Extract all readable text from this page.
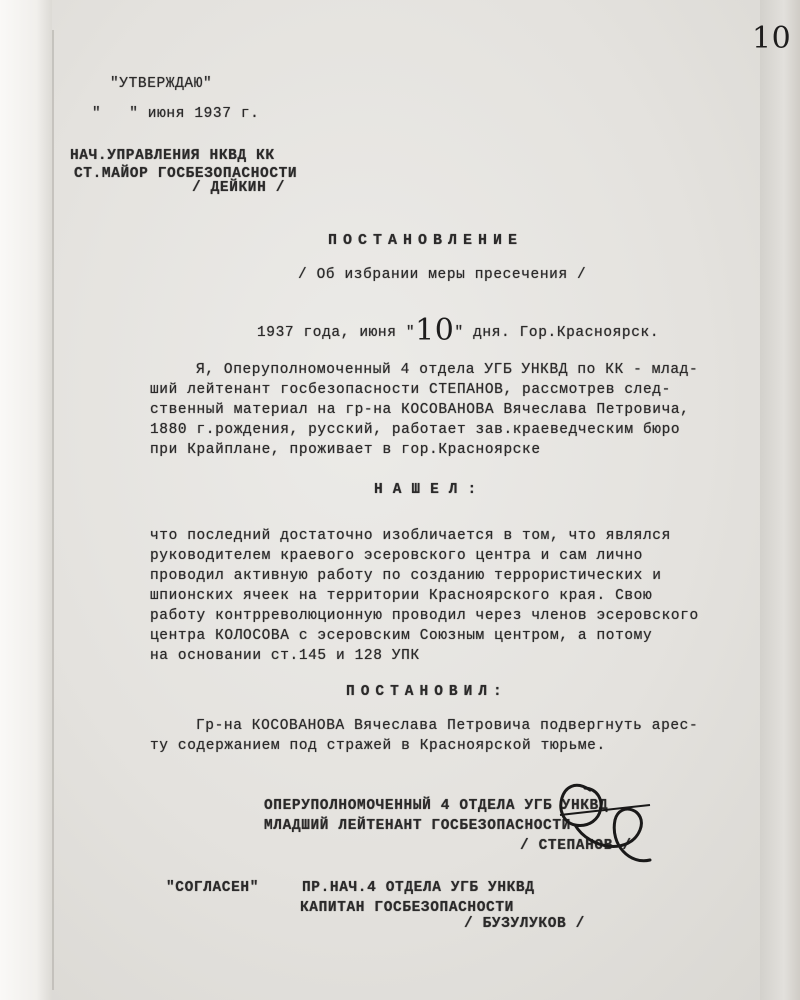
10
"УТВЕРЖДАЮ"
"   " июня 1937 г.
НАЧ.УПРАВЛЕНИЯ НКВД КК
СТ.МАЙОР ГОСБЕЗОПАСНОСТИ
/ ДЕЙКИН /
ПОСТАНОВЛЕНИЕ
/ Об избрании меры пресечения /
1937 года, июня "10" дня. Гор.Красноярск.
Я, Оперуполномоченный 4 отдела УГБ УНКВД по КК - млад-
ший лейтенант госбезопасности СТЕПАНОВ, рассмотрев след-
ственный материал на гр-на КОСОВАНОВА Вячеслава Петровича,
1880 г.рождения, русский, работает зав.краеведческим бюро
при Крайплане, проживает в гор.Красноярске
НАШЕЛ:
что последний достаточно изобличается в том, что являлся
руководителем краевого эсеровского центра и сам лично
проводил активную работу по созданию террористических и
шпионских ячеек на территории Красноярского края. Свою
работу контрреволюционную проводил через членов эсеровского
центра КОЛОСОВА с эсеровским Союзным центром, а потому
на основании ст.145 и 128 УПК
ПОСТАНОВИЛ:
Гр-на КОСОВАНОВА Вячеслава Петровича подвергнуть арес-
ту содержанием под стражей в Красноярской тюрьме.
ОПЕРУПОЛНОМОЧЕННЫЙ 4 ОТДЕЛА УГБ УНКВД
МЛАДШИЙ ЛЕЙТЕНАНТ ГОСБЕЗОПАСНОСТИ
/ СТЕПАНОВ /
"СОГЛАСЕН"	ПР.НАЧ.4 ОТДЕЛА УГБ УНКВД
КАПИТАН ГОСБЕЗОПАСНОСТИ
/ БУЗУЛУКОВ /
